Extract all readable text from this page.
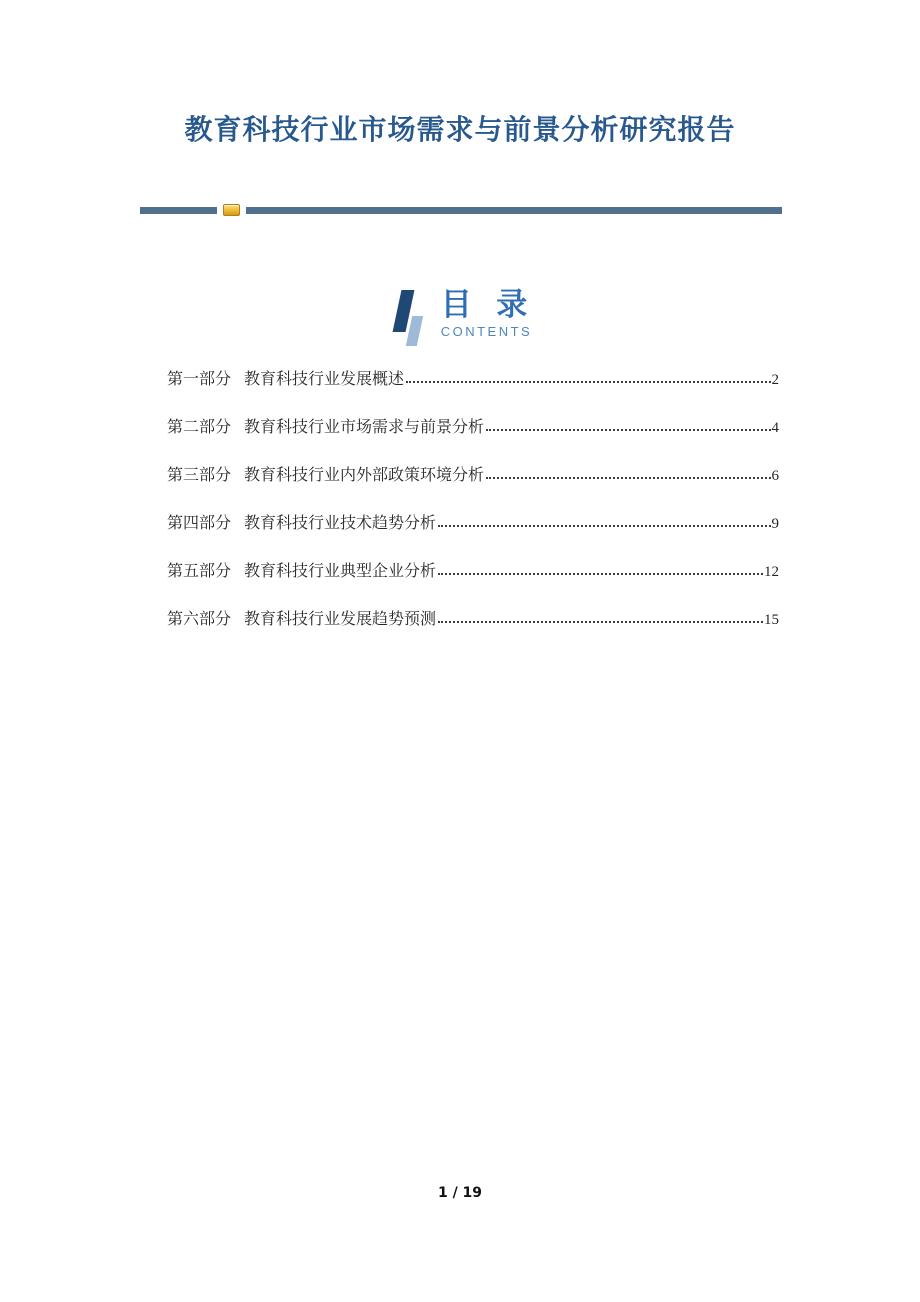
教育科技行业市场需求与前景分析研究报告
目 录
CONTENTS
第一部分 教育科技行业发展概述	2
第二部分 教育科技行业市场需求与前景分析	4
第三部分 教育科技行业内外部政策环境分析	6
第四部分 教育科技行业技术趋势分析	9
第五部分 教育科技行业典型企业分析	12
第六部分 教育科技行业发展趋势预测	15
1 / 19
